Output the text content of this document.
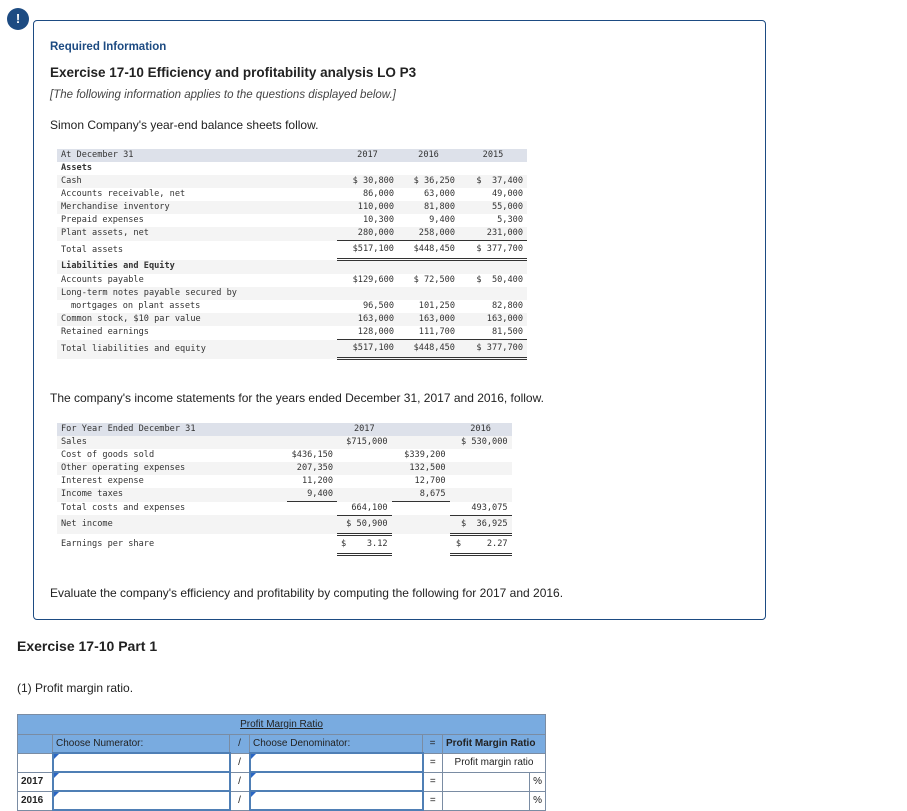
!
Required Information
Exercise 17-10 Efficiency and profitability analysis LO P3
[The following information applies to the questions displayed below.]
Simon Company's year-end balance sheets follow.
At December 31	2017	2016	2015
Assets			
Cash	$ 30,800	$ 36,250	$  37,400
Accounts receivable, net	86,000	63,000	49,000
Merchandise inventory	110,000	81,800	55,000
Prepaid expenses	10,300	9,400	5,300
Plant assets, net	280,000	258,000	231,000
Total assets	$517,100	$448,450	$ 377,700
Liabilities and Equity			
Accounts payable	$129,600	$ 72,500	$  50,400
Long-term notes payable secured by			
mortgages on plant assets	96,500	101,250	82,800
Common stock, $10 par value	163,000	163,000	163,000
Retained earnings	128,000	111,700	81,500
Total liabilities and equity	$517,100	$448,450	$ 377,700
The company's income statements for the years ended December 31, 2017 and 2016, follow.
For Year Ended December 31		2017		2016
Sales		$715,000		$ 530,000
Cost of goods sold	$436,150		$339,200	
Other operating expenses	207,350		132,500	
Interest expense	11,200		12,700	
Income taxes	9,400		8,675	
Total costs and expenses		664,100		493,075
Net income		$ 50,900		$  36,925
Earnings per share		$    3.12		$     2.27
Evaluate the company's efficiency and profitability by computing the following for 2017 and 2016.
Exercise 17-10 Part 1
(1) Profit margin ratio.
Profit Margin Ratio						
	Choose Numerator:	/	Choose Denominator:	=	Profit Margin Ratio	
		/		=	Profit margin ratio	
2017		/		=		%
2016		/		=		%
